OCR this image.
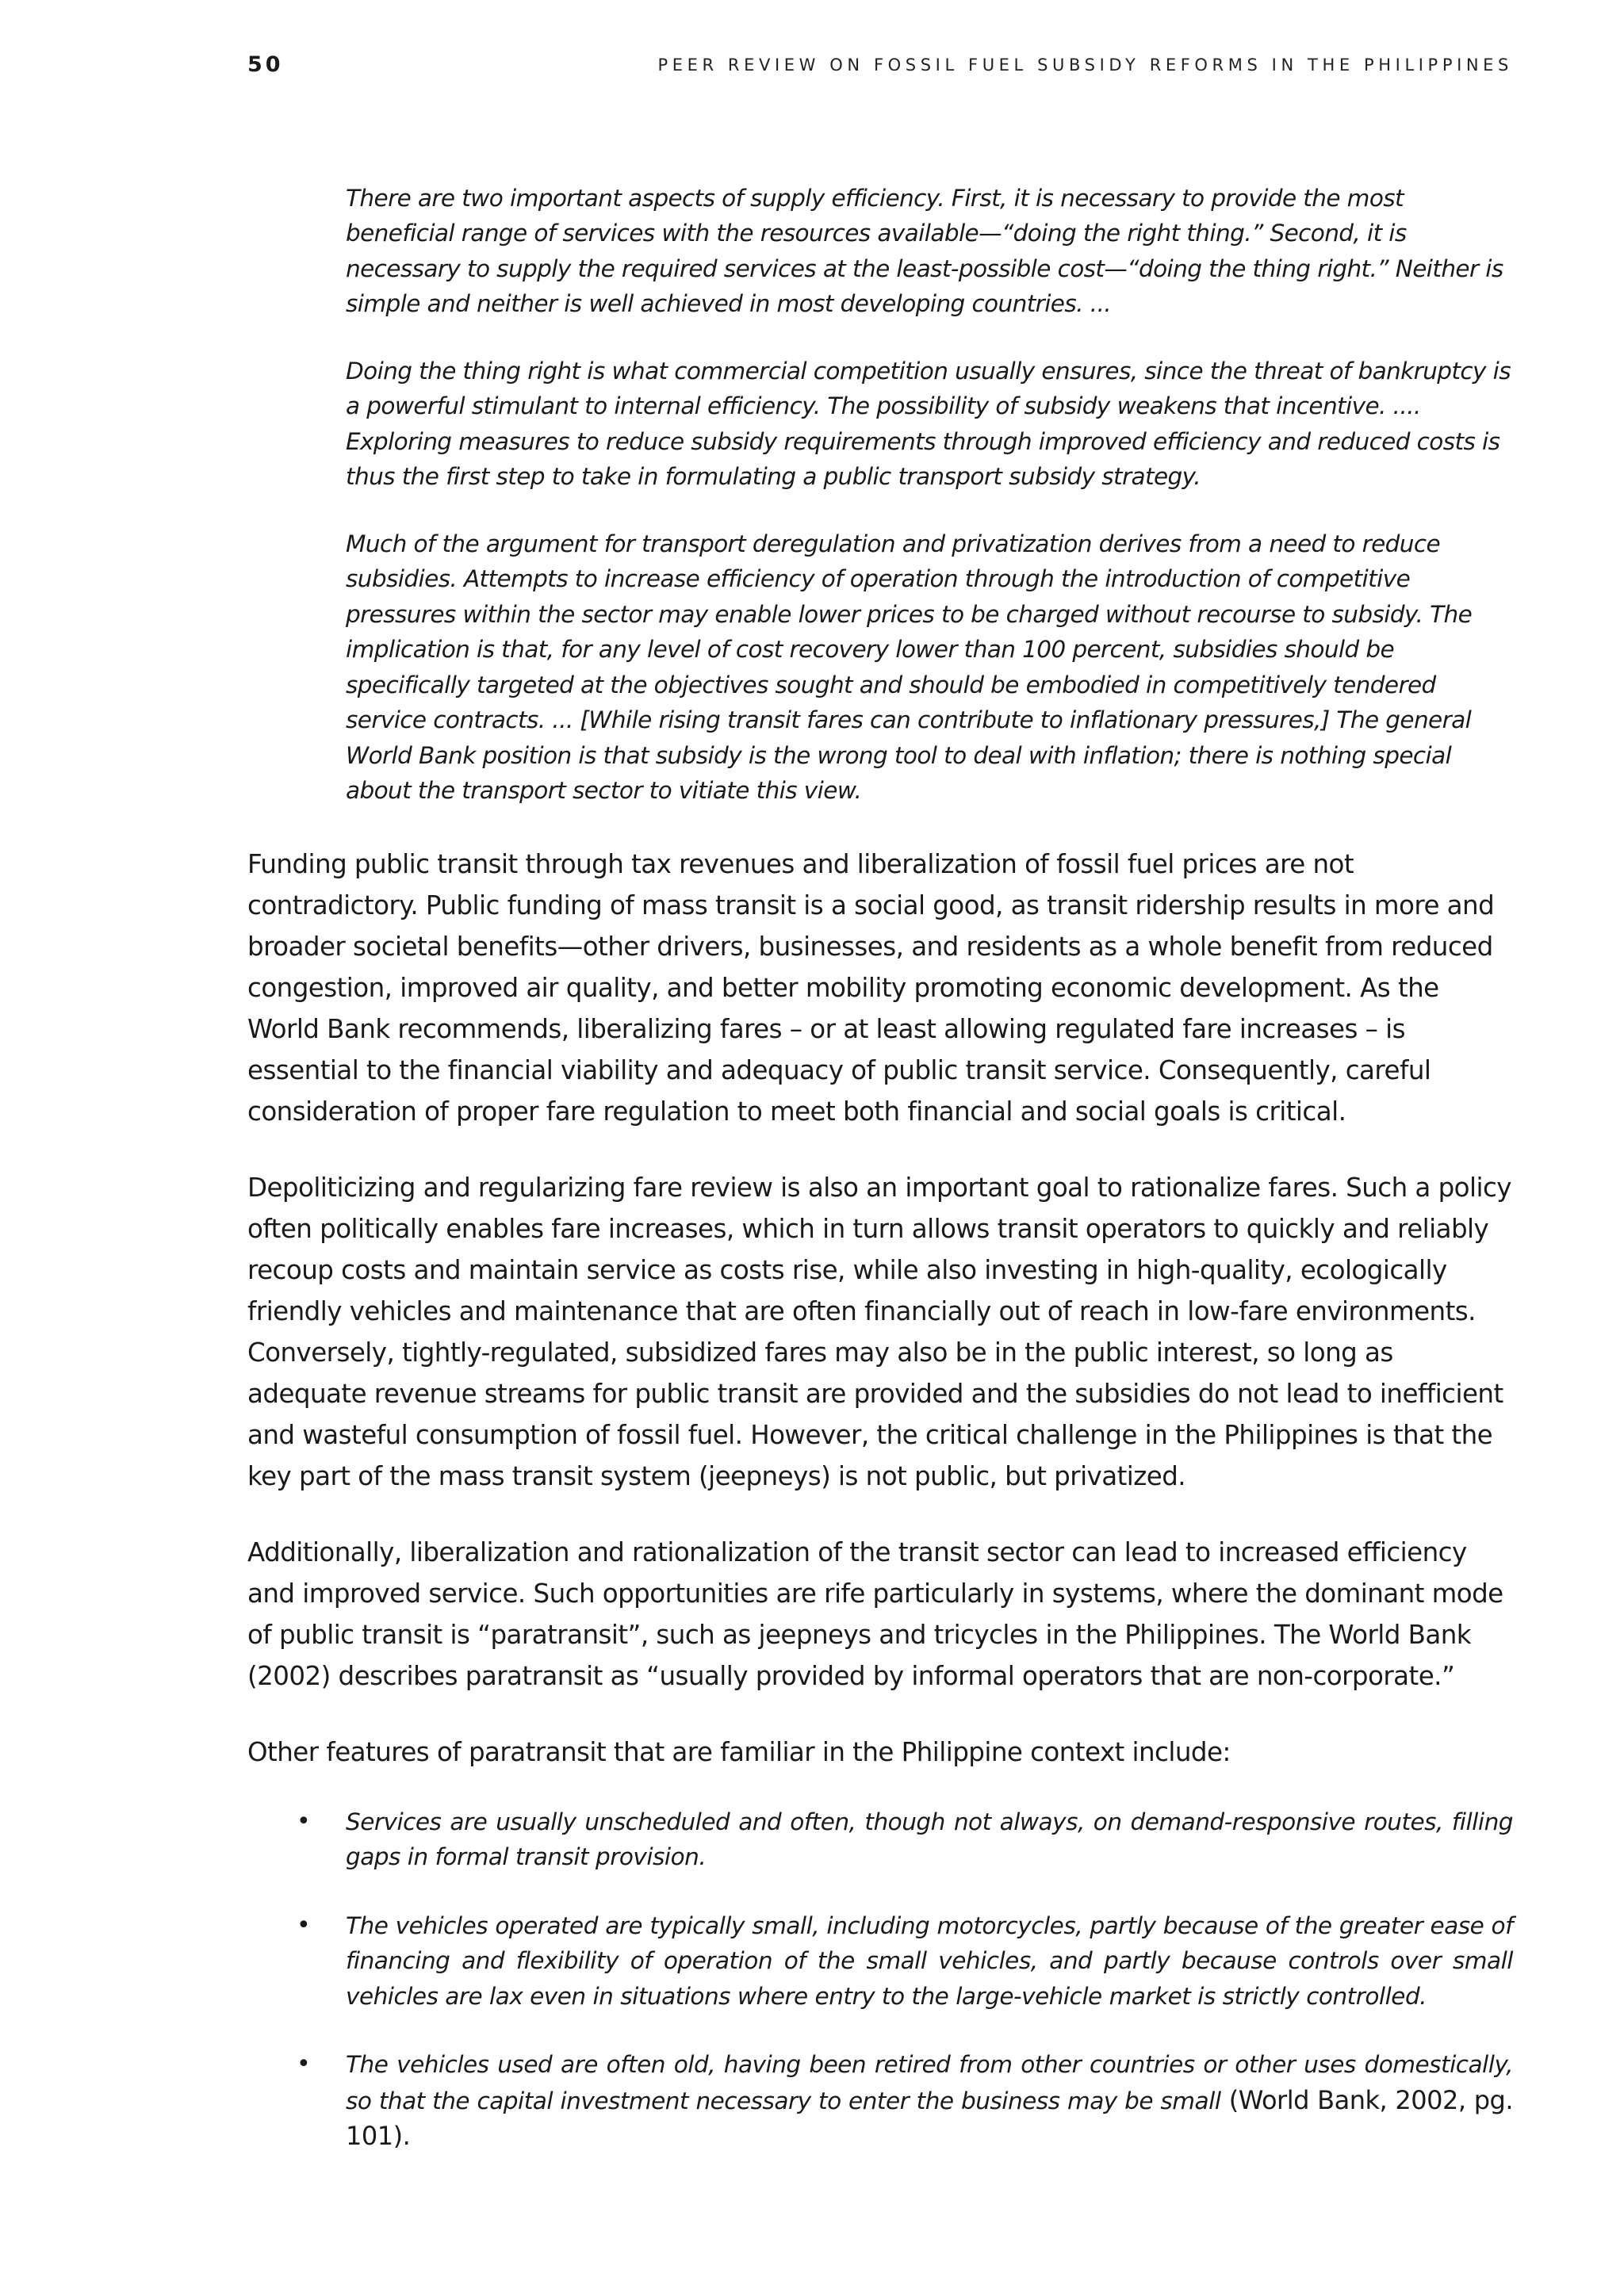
50	PEER REVIEW ON FOSSIL FUEL SUBSIDY REFORMS IN THE PHILIPPINES

There are two important aspects of supply efficiency. First, it is necessary to provide the most beneficial range of services with the resources available—“doing the right thing.” Second, it is necessary to supply the required services at the least-possible cost—“doing the thing right.” Neither is simple and neither is well achieved in most developing countries. ...

Doing the thing right is what commercial competition usually ensures, since the threat of bankruptcy is a powerful stimulant to internal efficiency. The possibility of subsidy weakens that incentive. .... Exploring measures to reduce subsidy requirements through improved efficiency and reduced costs is thus the first step to take in formulating a public transport subsidy strategy.

Much of the argument for transport deregulation and privatization derives from a need to reduce subsidies. Attempts to increase efficiency of operation through the introduction of competitive pressures within the sector may enable lower prices to be charged without recourse to subsidy. The implication is that, for any level of cost recovery lower than 100 percent, subsidies should be specifically targeted at the objectives sought and should be embodied in competitively tendered service contracts. ... [While rising transit fares can contribute to inflationary pressures,] The general World Bank position is that subsidy is the wrong tool to deal with inflation; there is nothing special about the transport sector to vitiate this view.

Funding public transit through tax revenues and liberalization of fossil fuel prices are not contradictory. Public funding of mass transit is a social good, as transit ridership results in more and broader societal benefits—other drivers, businesses, and residents as a whole benefit from reduced congestion, improved air quality, and better mobility promoting economic development. As the World Bank recommends, liberalizing fares – or at least allowing regulated fare increases – is essential to the financial viability and adequacy of public transit service. Consequently, careful consideration of proper fare regulation to meet both financial and social goals is critical.

Depoliticizing and regularizing fare review is also an important goal to rationalize fares. Such a policy often politically enables fare increases, which in turn allows transit operators to quickly and reliably recoup costs and maintain service as costs rise, while also investing in high-quality, ecologically friendly vehicles and maintenance that are often financially out of reach in low-fare environments. Conversely, tightly-regulated, subsidized fares may also be in the public interest, so long as adequate revenue streams for public transit are provided and the subsidies do not lead to inefficient and wasteful consumption of fossil fuel. However, the critical challenge in the Philippines is that the key part of the mass transit system (jeepneys) is not public, but privatized.

Additionally, liberalization and rationalization of the transit sector can lead to increased efficiency and improved service. Such opportunities are rife particularly in systems, where the dominant mode of public transit is “paratransit”, such as jeepneys and tricycles in the Philippines. The World Bank (2002) describes paratransit as “usually provided by informal operators that are non-corporate.”

Other features of paratransit that are familiar in the Philippine context include:

• Services are usually unscheduled and often, though not always, on demand-responsive routes, filling gaps in formal transit provision.
• The vehicles operated are typically small, including motorcycles, partly because of the greater ease of financing and flexibility of operation of the small vehicles, and partly because controls over small vehicles are lax even in situations where entry to the large-vehicle market is strictly controlled.
• The vehicles used are often old, having been retired from other countries or other uses domestically, so that the capital investment necessary to enter the business may be small (World Bank, 2002, pg. 101).
